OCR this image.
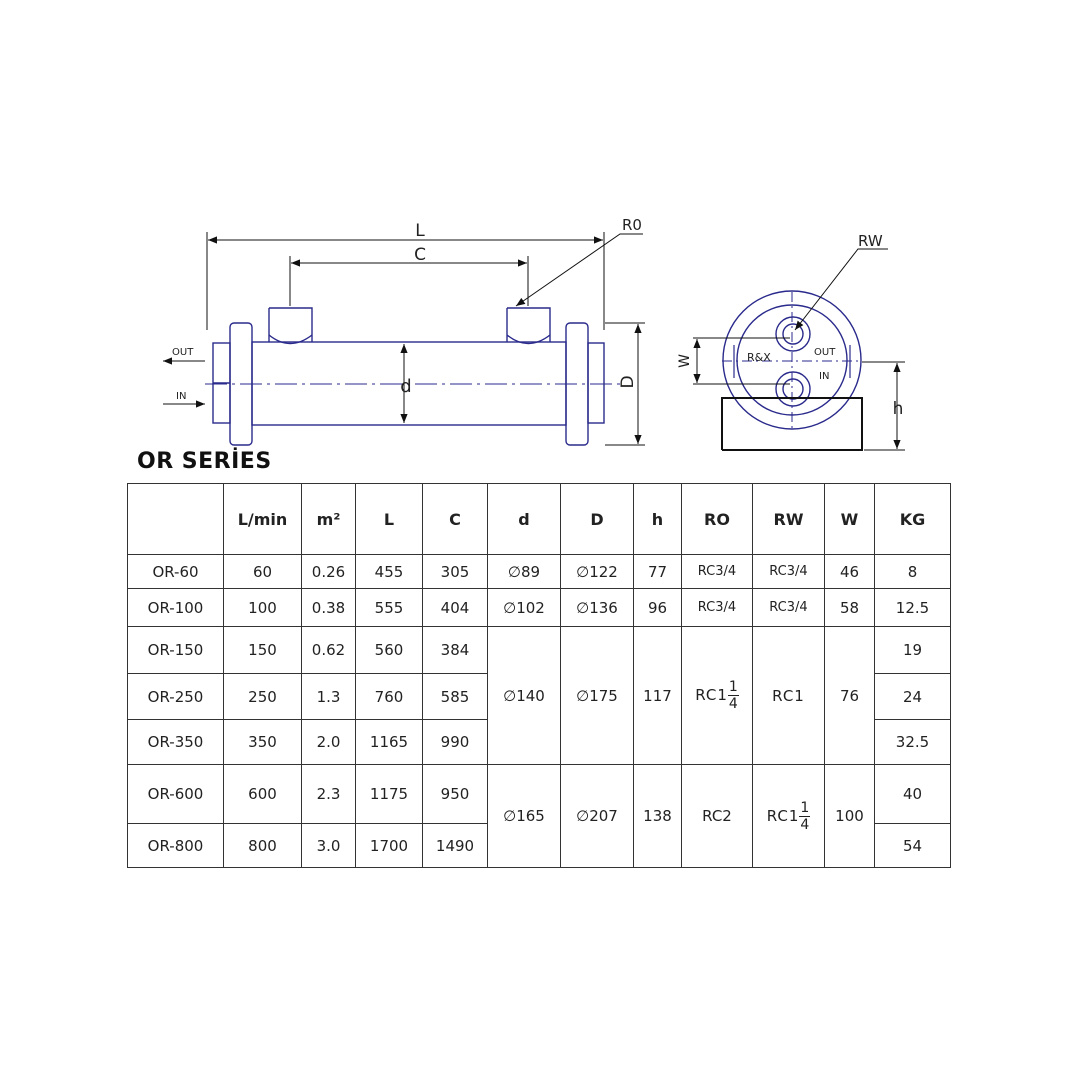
L
C
d	D
R0
OUT
IN
RW
W
h
R&X	OUT
IN
OR SERİES
	L/min	m²	L	C	d	D	h	RO	RW	W	KG
OR-60	60	0.26	455	305	∅89	∅122	77	RC3/4	RC3/4	46	8
OR-100	100	0.38	555	404	∅102	∅136	96	RC3/4	RC3/4	58	12.5
OR-150	150	0.62	560	384	∅140	∅175	117	$RC1 \frac{1}{4}$	RC1	76	19
OR-250	250	1.3	760	585							24
OR-350	350	2.0	1165	990							32.5
OR-600	600	2.3	1175	950	∅165	∅207	138	RC2	$RC1 \frac{1}{4}$	100	40
OR-800	800	3.0	1700	1490							54
